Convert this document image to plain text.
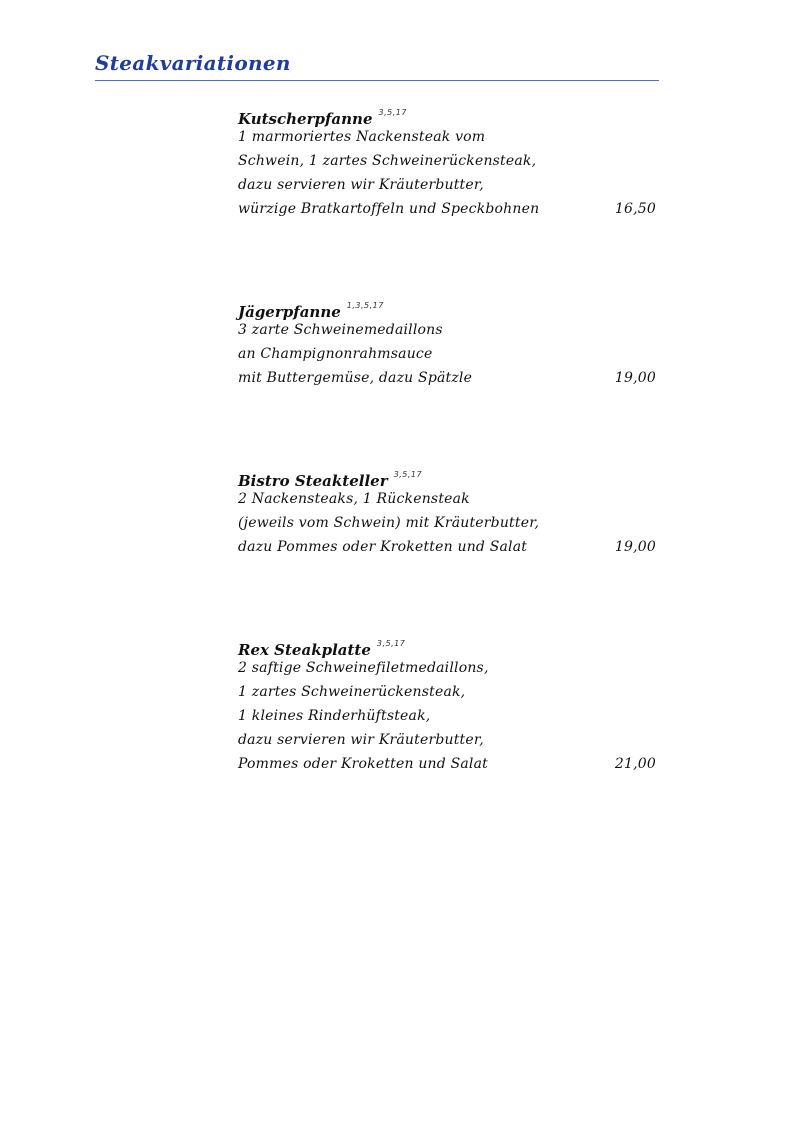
Steakvariationen
Kutscherpfanne $^{3,5,17}$
1 marmoriertes Nackensteak vom
Schwein, 1 zartes Schweinerückensteak,
dazu servieren wir Kräuterbutter,
würzige Bratkartoffeln und Speckbohnen	16,50
Jägerpfanne $^{1,3,5,17}$
3 zarte Schweinemedaillons
an Champignonrahmsauce
mit Buttergemüse, dazu Spätzle	19,00
Bistro Steakteller $^{3,5,17}$
2 Nackensteaks, 1 Rückensteak
(jeweils vom Schwein) mit Kräuterbutter,
dazu Pommes oder Kroketten und Salat	19,00
Rex Steakplatte $^{3,5,17}$
2 saftige Schweinefiletmedaillons,
1 zartes Schweinerückensteak,
1 kleines Rinderhüftsteak,
dazu servieren wir Kräuterbutter,
Pommes oder Kroketten und Salat	21,00
